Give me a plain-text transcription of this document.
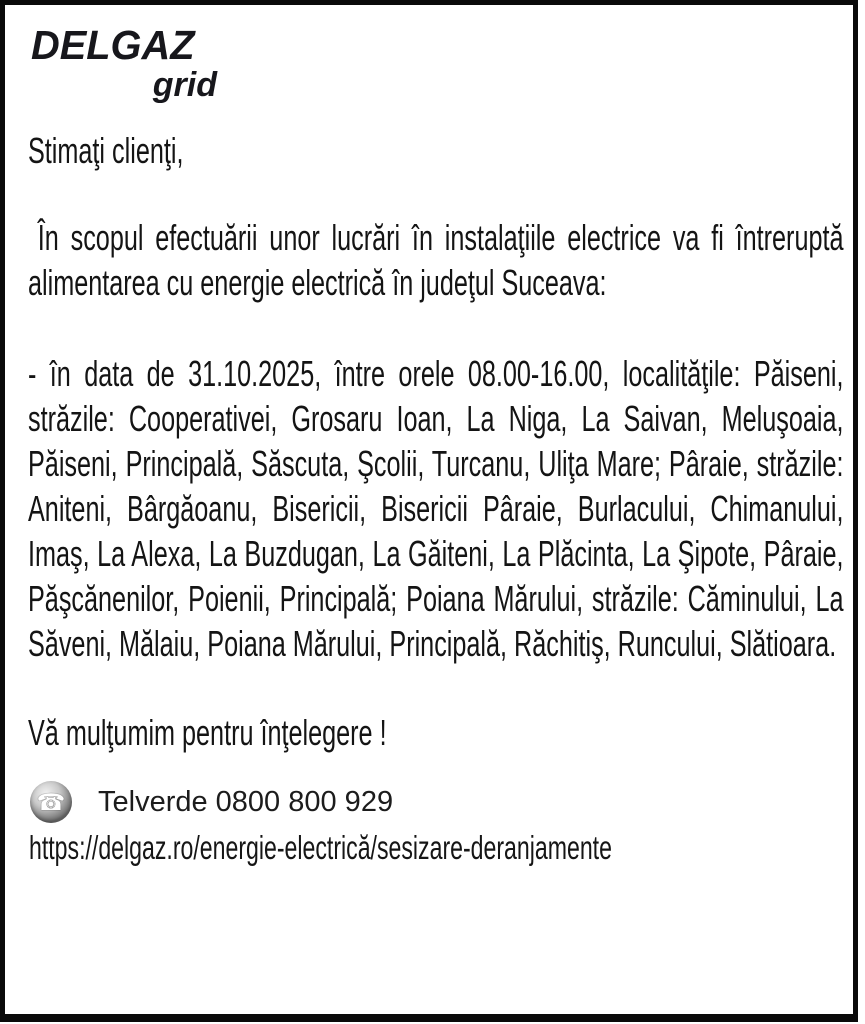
DELGAZ
grid
Stimaţi clienţi,
În scopul efectuării unor lucrări în instalaţiile electrice va fi întreruptă alimentarea cu energie electrică în judeţul Suceava:
- în data de 31.10.2025, între orele 08.00-16.00, localităţile: Păiseni, străzile: Cooperativei, Grosaru Ioan, La Niga, La Saivan, Meluşoaia, Păiseni, Principală, Săscuta, Şcolii, Turcanu, Uliţa Mare; Pâraie, străzile: Aniteni, Bârgăoanu, Bisericii, Bisericii Pâraie, Burlacului, Chimanului, Imaş, La Alexa, La Buzdugan, La Găiteni, La Plăcinta, La Şipote, Pâraie, Păşcănenilor, Poienii, Principală; Poiana Mărului, străzile: Căminului, La Săveni, Mălaiu, Poiana Mărului, Principală, Răchitiş, Runcului, Slătioara.
Vă mulţumim pentru înţelegere !
☎ Telverde 0800 800 929
https://delgaz.ro/energie-electrică/sesizare-deranjamente
